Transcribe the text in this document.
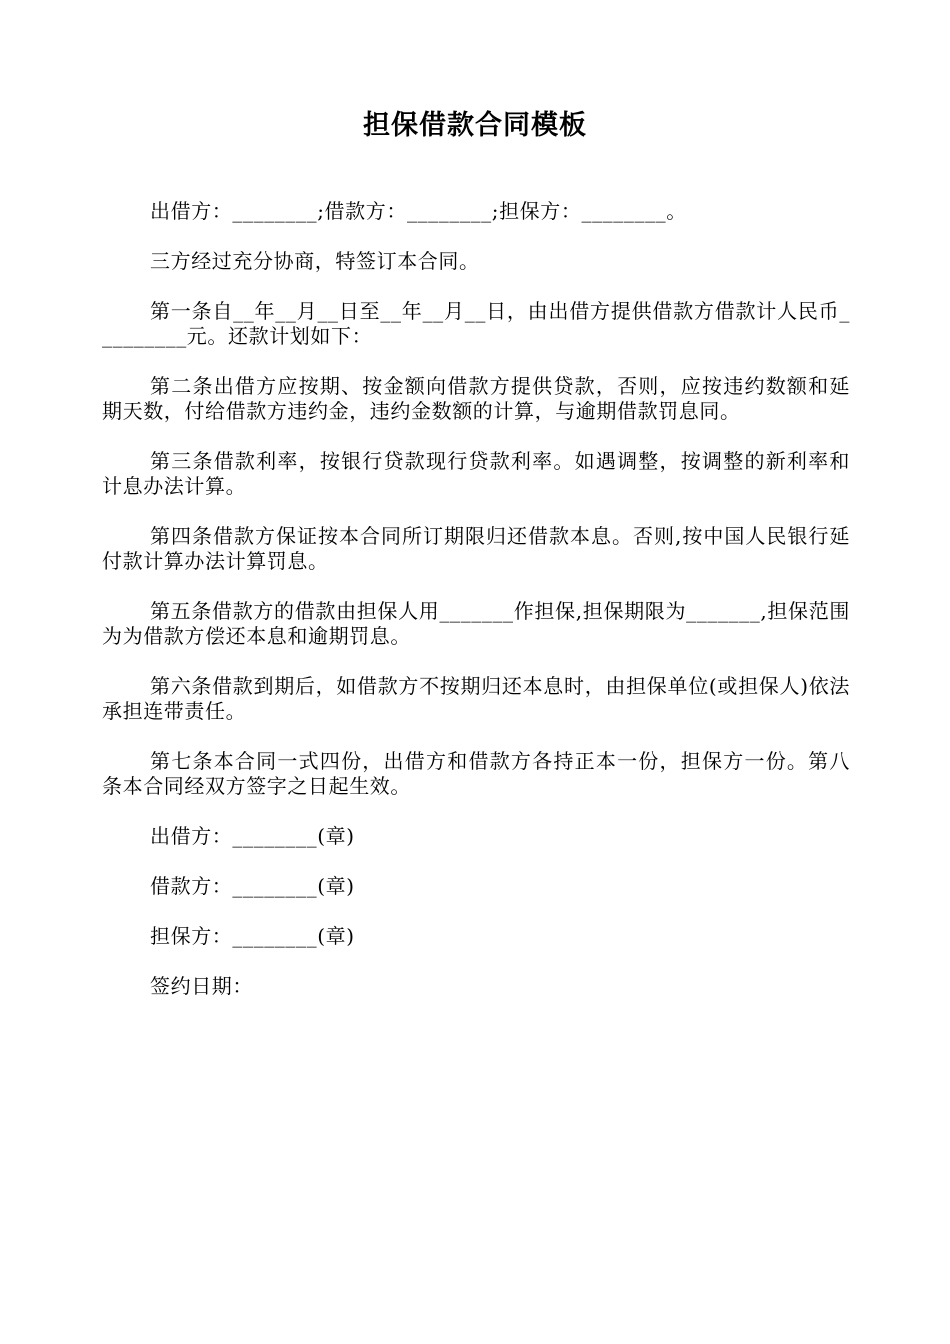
担保借款合同模板

出借方：________;借款方：________;担保方：________。

三方经过充分协商，特签订本合同。

第一条自__年__月__日至__年__月__日，由出借方提供借款方借款计人民币_________元。还款计划如下：

第二条出借方应按期、按金额向借款方提供贷款，否则，应按违约数额和延期天数，付给借款方违约金，违约金数额的计算，与逾期借款罚息同。

第三条借款利率，按银行贷款现行贷款利率。如遇调整，按调整的新利率和计息办法计算。

第四条借款方保证按本合同所订期限归还借款本息。否则,按中国人民银行延付款计算办法计算罚息。

第五条借款方的借款由担保人用_______作担保,担保期限为_______,担保范围为为借款方偿还本息和逾期罚息。

第六条借款到期后，如借款方不按期归还本息时，由担保单位(或担保人)依法承担连带责任。

第七条本合同一式四份，出借方和借款方各持正本一份，担保方一份。第八条本合同经双方签字之日起生效。

出借方：________(章)

借款方：________(章)

担保方：________(章)

签约日期：
